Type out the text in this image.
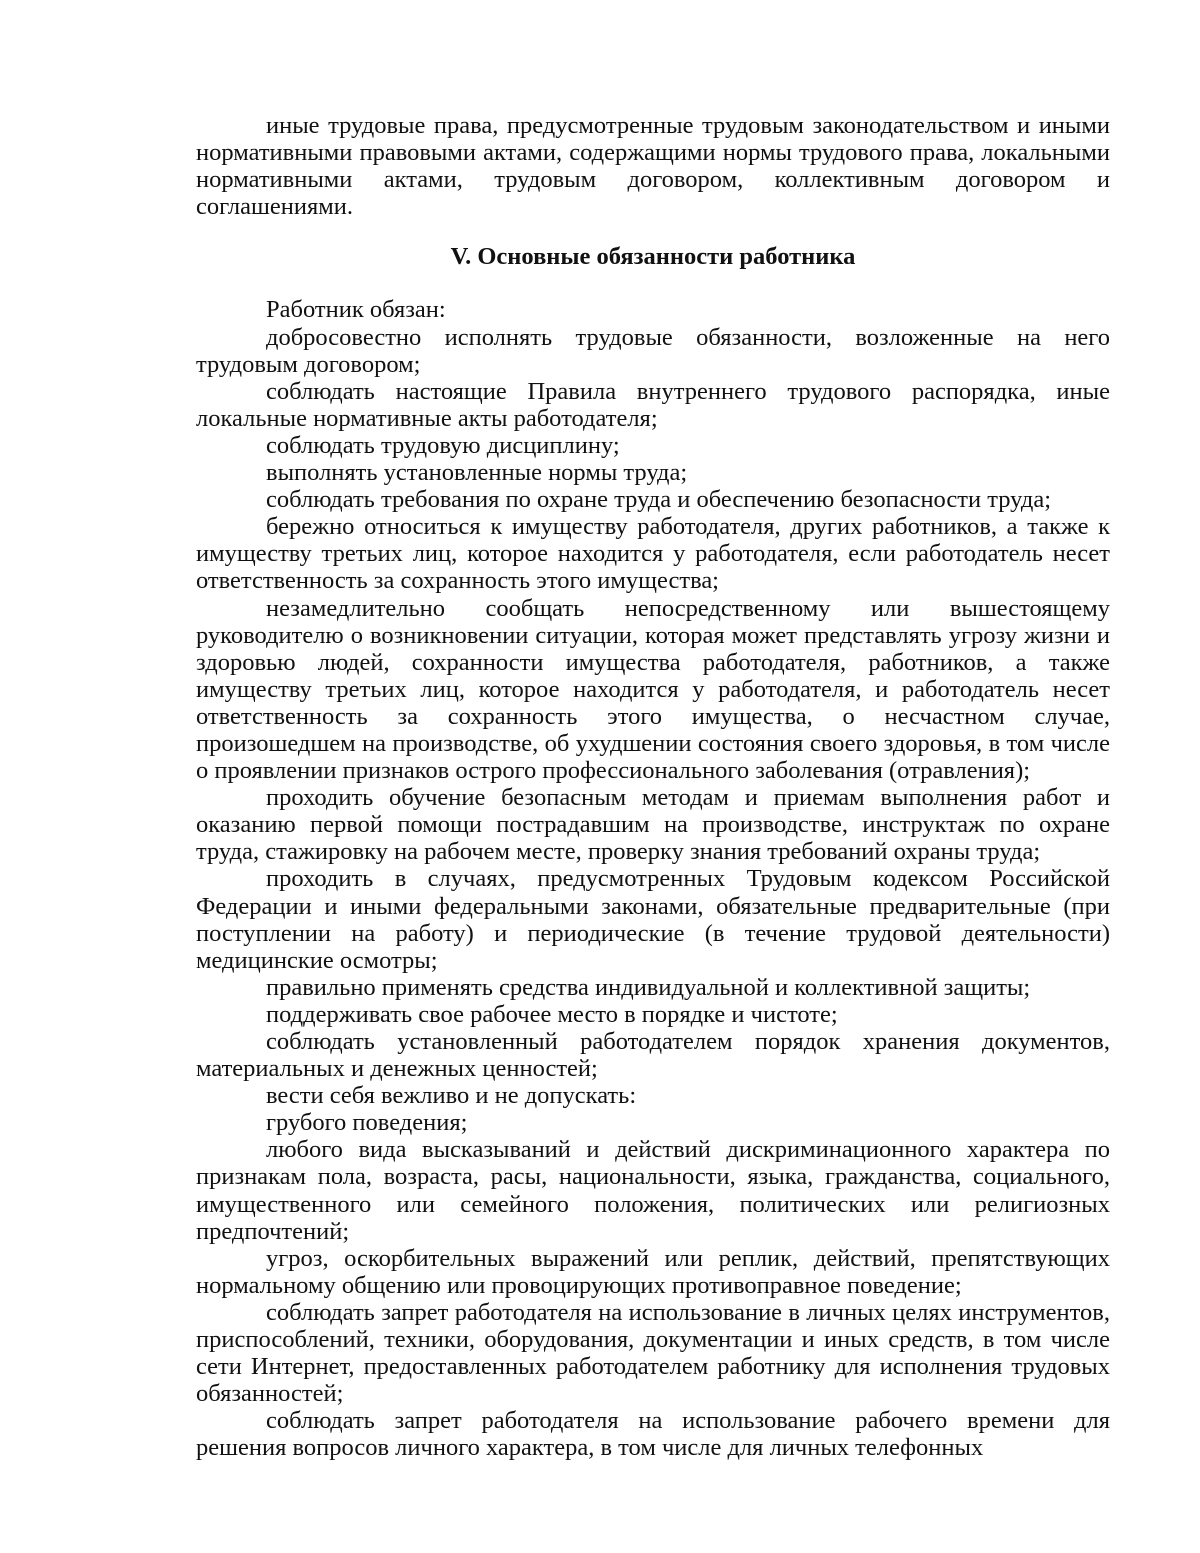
иные трудовые права, предусмотренные трудовым законодательством и иными нормативными правовыми актами, содержащими нормы трудового права, локальными нормативными актами, трудовым договором, коллективным договором и соглашениями.

V. Основные обязанности работника

Работник обязан:

добросовестно исполнять трудовые обязанности, возложенные на него трудовым договором;

соблюдать настоящие Правила внутреннего трудового распорядка, иные локальные нормативные акты работодателя;

соблюдать трудовую дисциплину;

выполнять установленные нормы труда;

соблюдать требования по охране труда и обеспечению безопасности труда;

бережно относиться к имуществу работодателя, других работников, а также к имуществу третьих лиц, которое находится у работодателя, если работодатель несет ответственность за сохранность этого имущества;

незамедлительно сообщать непосредственному или вышестоящему руководителю о возникновении ситуации, которая может представлять угрозу жизни и здоровью людей, сохранности имущества работодателя, работников, а также имуществу третьих лиц, которое находится у работодателя, и работодатель несет ответственность за сохранность этого имущества, о несчастном случае, произошедшем на производстве, об ухудшении состояния своего здоровья, в том числе о проявлении признаков острого профессионального заболевания (отравления);

проходить обучение безопасным методам и приемам выполнения работ и оказанию первой помощи пострадавшим на производстве, инструктаж по охране труда, стажировку на рабочем месте, проверку знания требований охраны труда;

проходить в случаях, предусмотренных Трудовым кодексом Российской Федерации и иными федеральными законами, обязательные предварительные (при поступлении на работу) и периодические (в течение трудовой деятельности) медицинские осмотры;

правильно применять средства индивидуальной и коллективной защиты;

поддерживать свое рабочее место в порядке и чистоте;

соблюдать установленный работодателем порядок хранения документов, материальных и денежных ценностей;

вести себя вежливо и не допускать:

грубого поведения;

любого вида высказываний и действий дискриминационного характера по признакам пола, возраста, расы, национальности, языка, гражданства, социального, имущественного или семейного положения, политических или религиозных предпочтений;

угроз, оскорбительных выражений или реплик, действий, препятствующих нормальному общению или провоцирующих противоправное поведение;

соблюдать запрет работодателя на использование в личных целях инструментов, приспособлений, техники, оборудования, документации и иных средств, в том числе сети Интернет, предоставленных работодателем работнику для исполнения трудовых обязанностей;

соблюдать запрет работодателя на использование рабочего времени для решения вопросов личного характера, в том числе для личных телефонных
